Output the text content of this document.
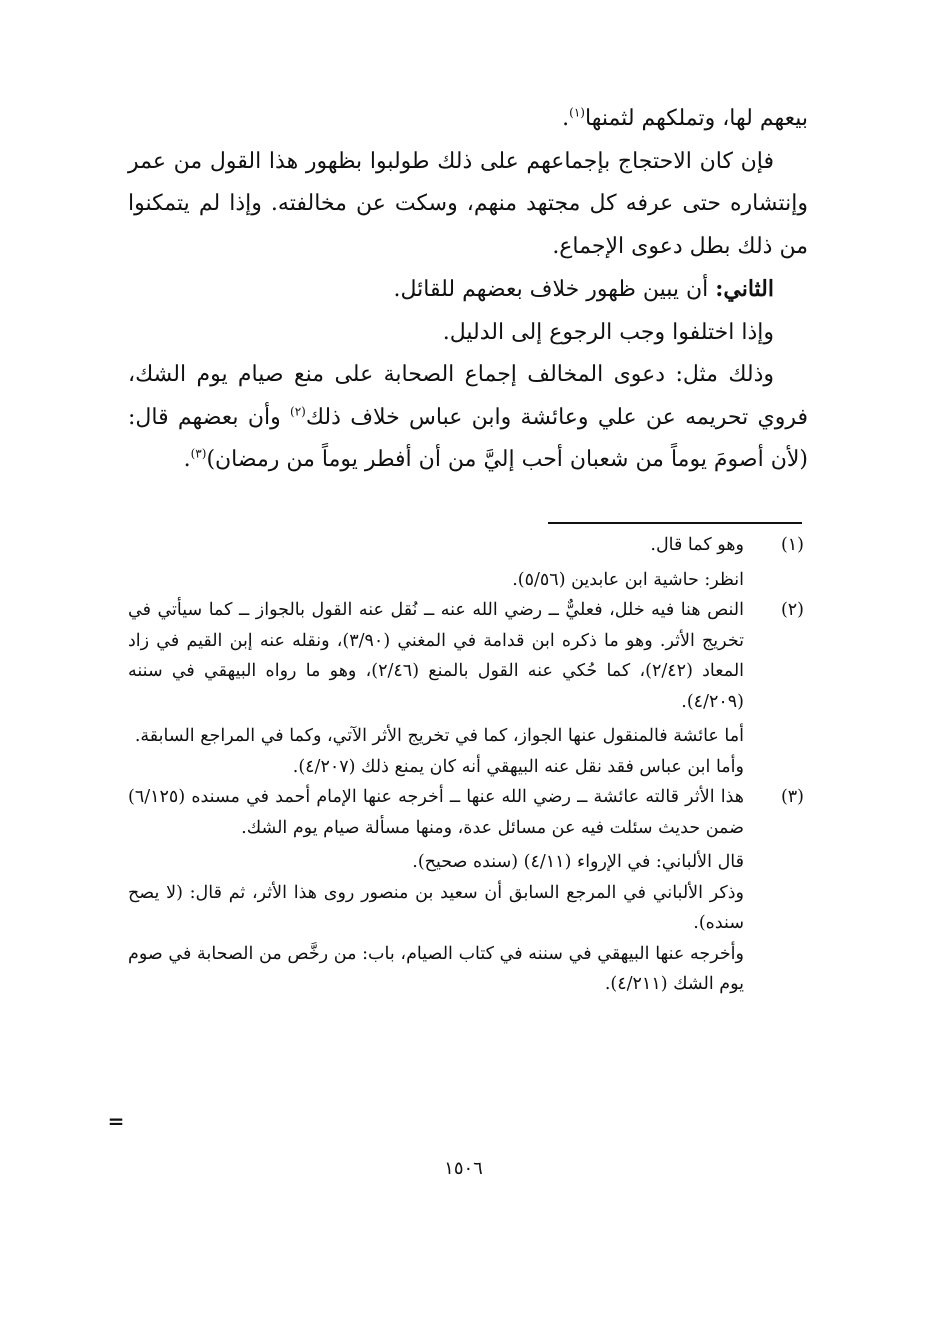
بيعهم لها، وتملكهم لثمنها$^{(١)}$.

فإن كان الاحتجاج بإجماعهم على ذلك طولبوا بظهور هذا القول من عمر وإنتشاره حتى عرفه كل مجتهد منهم، وسكت عن مخالفته. وإذا لم يتمكنوا من ذلك بطل دعوى الإجماع.

الثاني: أن يبين ظهور خلاف بعضهم للقائل.

وإذا اختلفوا وجب الرجوع إلى الدليل.

وذلك مثل: دعوى المخالف إجماع الصحابة على منع صيام يوم الشك، فروي تحريمه عن علي وعائشة وابن عباس خلاف ذلك$^{(٢)}$ وأن بعضهم قال: (لأن أصومَ يوماً من شعبان أحب إليَّ من أن أفطر يوماً من رمضان)$^{(٣)}$.

(١)

وهو كما قال.

انظر: حاشية ابن عابدين (٥/٥٦).

(٢)

النص هنا فيه خلل، فعليٌّ ــ رضي الله عنه ــ نُقل عنه القول بالجواز ــ كما سيأتي في تخريج الأثر. وهو ما ذكره ابن قدامة في المغني (٣/٩٠)، ونقله عنه إبن القيم في زاد المعاد (٢/٤٢)، كما حُكي عنه القول بالمنع (٢/٤٦)، وهو ما رواه البيهقي في سننه (٤/٢٠٩).

أما عائشة فالمنقول عنها الجواز، كما في تخريج الأثر الآتي، وكما في المراجع السابقة.

وأما ابن عباس فقد نقل عنه البيهقي أنه كان يمنع ذلك (٤/٢٠٧).

(٣)

هذا الأثر قالته عائشة ــ رضي الله عنها ــ أخرجه عنها الإمام أحمد في مسنده (٦/١٢٥) ضمن حديث سئلت فيه عن مسائل عدة، ومنها مسألة صيام يوم الشك.

قال الألباني: في الإرواء (٤/١١) (سنده صحيح).

وذكر الألباني في المرجع السابق أن سعيد بن منصور روى هذا الأثر، ثم قال: (لا يصح سنده).

وأخرجه عنها البيهقي في سننه في كتاب الصيام، باب: من رخَّص من الصحابة في صوم يوم الشك (٤/٢١١).

=
١٥٠٦
